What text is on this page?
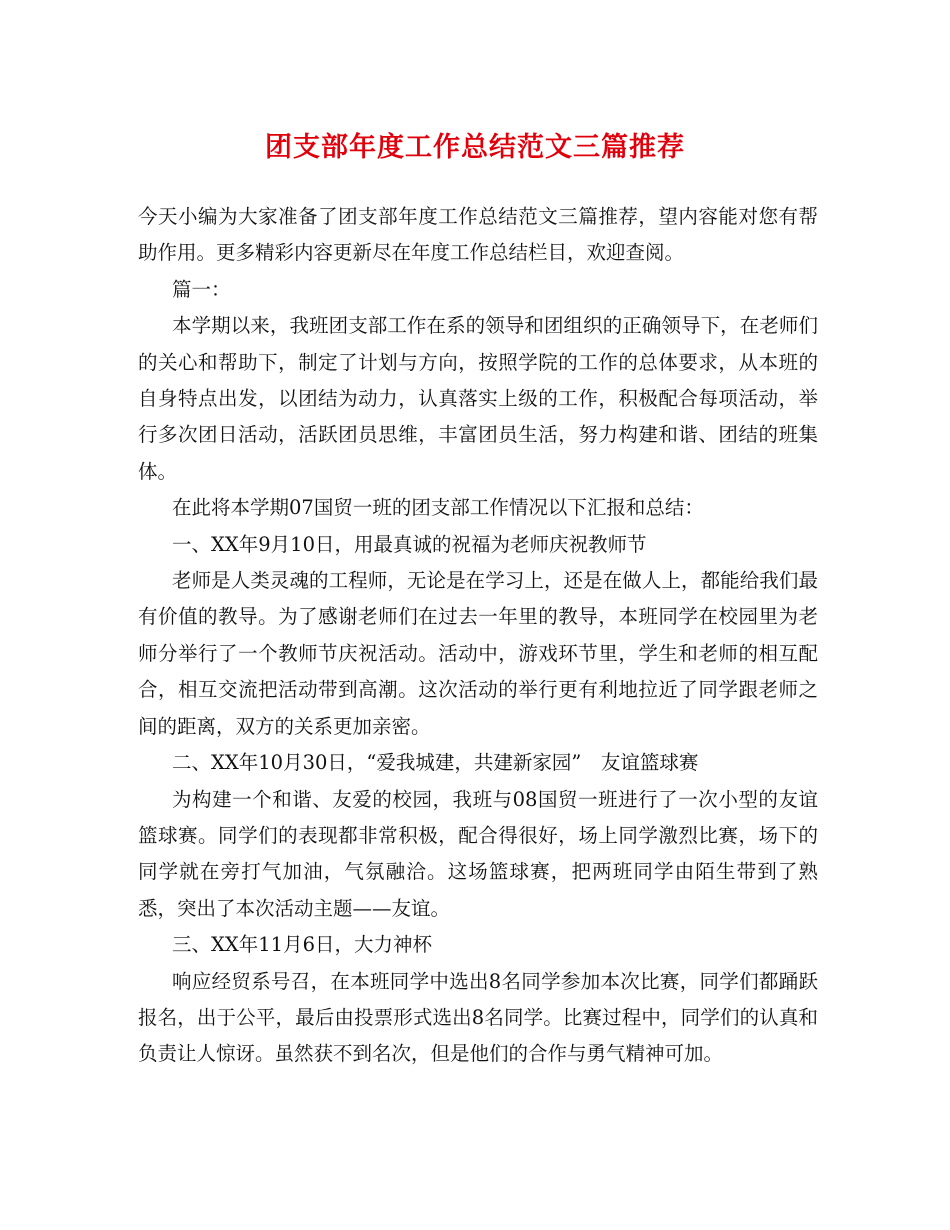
团支部年度工作总结范文三篇推荐

今天小编为大家准备了团支部年度工作总结范文三篇推荐，望内容能对您有帮助作用。更多精彩内容更新尽在年度工作总结栏目，欢迎查阅。

篇一：

本学期以来，我班团支部工作在系的领导和团组织的正确领导下，在老师们的关心和帮助下，制定了计划与方向，按照学院的工作的总体要求，从本班的自身特点出发，以团结为动力，认真落实上级的工作，积极配合每项活动，举行多次团日活动，活跃团员思维，丰富团员生活，努力构建和谐、团结的班集体。

在此将本学期07国贸一班的团支部工作情况以下汇报和总结：

一、XX年9月10日，用最真诚的祝福为老师庆祝教师节

老师是人类灵魂的工程师，无论是在学习上，还是在做人上，都能给我们最有价值的教导。为了感谢老师们在过去一年里的教导，本班同学在校园里为老师分举行了一个教师节庆祝活动。活动中，游戏环节里，学生和老师的相互配合，相互交流把活动带到高潮。这次活动的举行更有利地拉近了同学跟老师之间的距离，双方的关系更加亲密。

二、XX年10月30日，“爱我城建，共建新家园”　友谊篮球赛

为构建一个和谐、友爱的校园，我班与08国贸一班进行了一次小型的友谊篮球赛。同学们的表现都非常积极，配合得很好，场上同学激烈比赛，场下的同学就在旁打气加油，气氛融洽。这场篮球赛，把两班同学由陌生带到了熟悉，突出了本次活动主题——友谊。

三、XX年11月6日，大力神杯

响应经贸系号召，在本班同学中选出8名同学参加本次比赛，同学们都踊跃报名，出于公平，最后由投票形式选出8名同学。比赛过程中，同学们的认真和负责让人惊讶。虽然获不到名次，但是他们的合作与勇气精神可加。
